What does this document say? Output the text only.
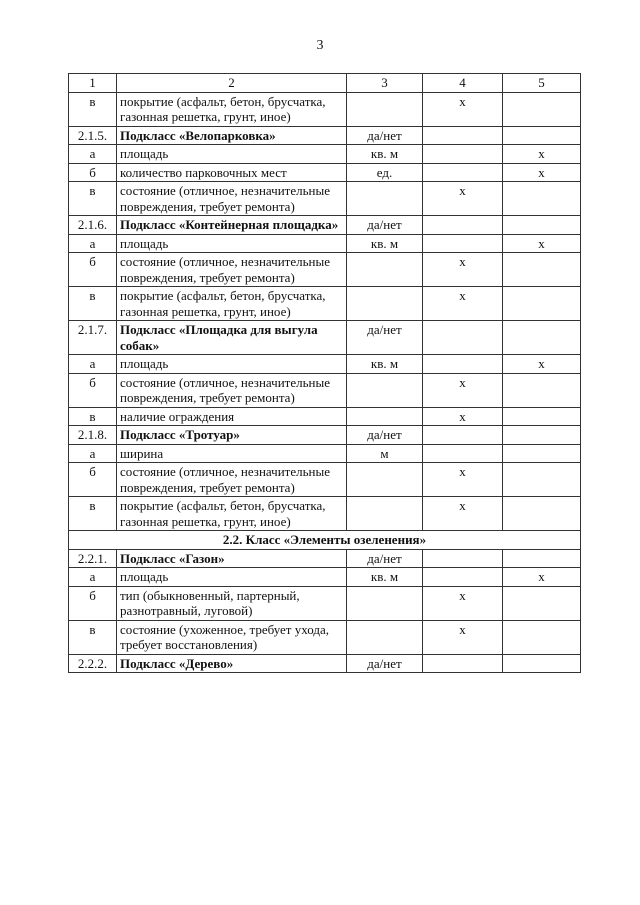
3
1	2	3	4	5
в	покрытие (асфальт, бетон, брусчатка, газонная решетка, грунт, иное)		х	
2.1.5.	Подкласс «Велопарковка»	да/нет		
а	площадь	кв. м		х
б	количество парковочных мест	ед.		х
в	состояние (отличное, незначительные повреждения, требует ремонта)		х	
2.1.6.	Подкласс «Контейнерная площадка»	да/нет		
а	площадь	кв. м		х
б	состояние (отличное, незначительные повреждения, требует ремонта)		х	
в	покрытие (асфальт, бетон, брусчатка, газонная решетка, грунт, иное)		х	
2.1.7.	Подкласс «Площадка для выгула собак»	да/нет		
а	площадь	кв. м		х
б	состояние (отличное, незначительные повреждения, требует ремонта)		х	
в	наличие ограждения		х	
2.1.8.	Подкласс «Тротуар»	да/нет		
а	ширина	м		
б	состояние (отличное, незначительные повреждения, требует ремонта)		х	
в	покрытие (асфальт, бетон, брусчатка, газонная решетка, грунт, иное)		х	
2.2. Класс «Элементы озеленения»				
2.2.1.	Подкласс «Газон»	да/нет		
а	площадь	кв. м		х
б	тип (обыкновенный, партерный, разнотравный, луговой)		х	
в	состояние (ухоженное, требует ухода, требует восстановления)		х	
2.2.2.	Подкласс «Дерево»	да/нет		
